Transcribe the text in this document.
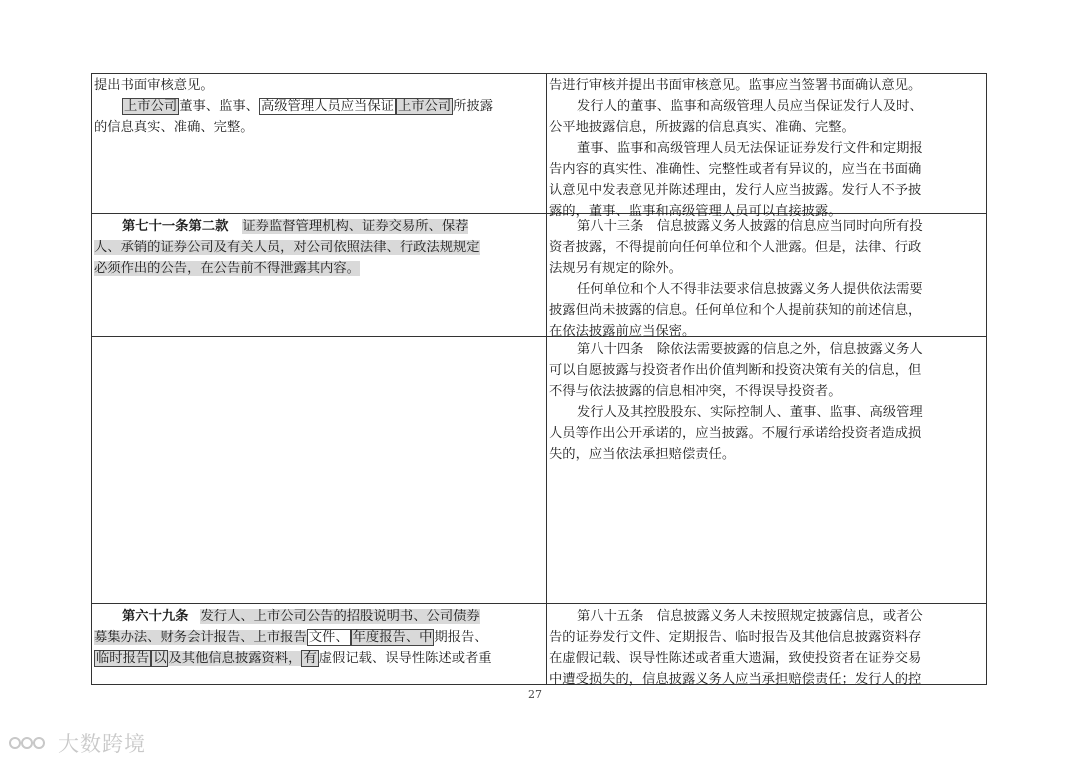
提出书面审核意见。
上市公司 董事、监事、 高级管理人员应当保证 上市公司 所披露
的信息真实、准确、完整。
告进行审核并提出书面审核意见。监事应当签署书面确认意见。
发行人的董事、监事和高级管理人员应当保证发行人及时、
公平地披露信息，所披露的信息真实、准确、完整。
董事、监事和高级管理人员无法保证证券发行文件和定期报
告内容的真实性、准确性、完整性或者有异议的，应当在书面确
认意见中发表意见并陈述理由，发行人应当披露。发行人不予披
露的，董事、监事和高级管理人员可以直接披露。
第七十一条第二款 证券监督管理机构、证券交易所、保荐
人、承销的证券公司及有关人员，对公司依照法律、行政法规规定
必须作出的公告，在公告前不得泄露其内容。
第八十三条　信息披露义务人披露的信息应当同时向所有投
资者披露，不得提前向任何单位和个人泄露。但是，法律、行政
法规另有规定的除外。
任何单位和个人不得非法要求信息披露义务人提供依法需要
披露但尚未披露的信息。任何单位和个人提前获知的前述信息，
在依法披露前应当保密。
第八十四条　除依法需要披露的信息之外，信息披露义务人
可以自愿披露与投资者作出价值判断和投资决策有关的信息，但
不得与依法披露的信息相冲突，不得误导投资者。
发行人及其控股股东、实际控制人、董事、监事、高级管理
人员等作出公开承诺的，应当披露。不履行承诺给投资者造成损
失的，应当依法承担赔偿责任。
第六十九条 发行人、上市公司公告的招股说明书、公司债券
募集办法、财务会计报告、上市报告 文件、 年度报告、中 期报告、
临时报告 以 及其他信息披露资料， 有 虚假记载、误导性陈述或者重
第八十五条　信息披露义务人未按照规定披露信息，或者公
告的证券发行文件、定期报告、临时报告及其他信息披露资料存
在虚假记载、误导性陈述或者重大遗漏，致使投资者在证券交易
中遭受损失的，信息披露义务人应当承担赔偿责任；发行人的控
27
大数跨境
